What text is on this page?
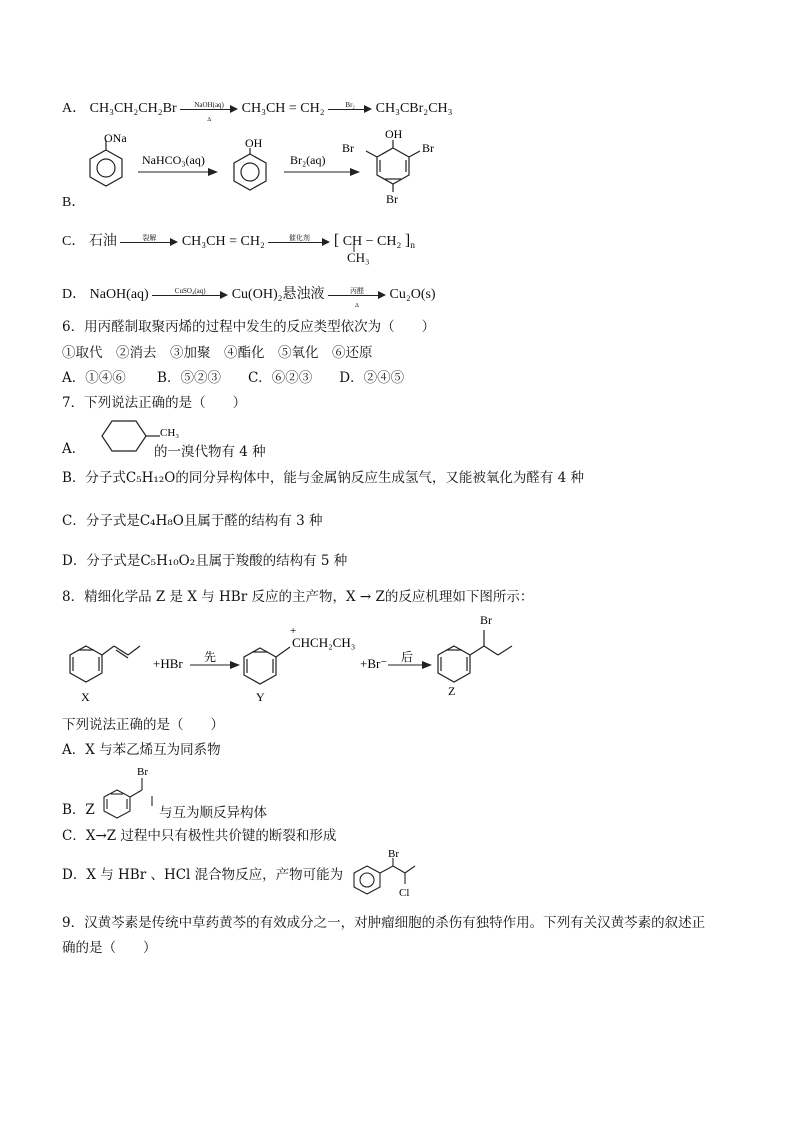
A． CH₃CH₂CH₂Br	NaOH(aq)
Δ
CH₃CH = CH₂	Br₂	CH₃CBr₂CH₃
ONa
NaHCO₃(aq)
OH
Br₂(aq)
OH
Br	Br
Br
B．
C． 石油	裂解	CH₃CH = CH₂	催化剂	[ CH − CH₂ ]$_n$
CH₃
D． NaOH(aq)	CuSO₄(aq)	Cu(OH)₂悬浊液	丙醛
Δ
Cu₂O(s)
6．用丙醛制取聚丙烯的过程中发生的反应类型依次为（　　）
①取代　②消去　③加聚　④酯化　⑤氧化　⑥还原
A．①④⑥　　 B．⑤②③　　C．⑥②③　　D．②④⑤
7．下列说法正确的是（　　）
CH₃
A．	的一溴代物有 4 种
B．分子式C₅H₁₂O的同分异构体中，能与金属钠反应生成氢气，又能被氧化为醛有 4 种
C．分子式是C₄H₈O且属于醛的结构有 3 种
D．分子式是C₅H₁₀O₂且属于羧酸的结构有 5 种
8．精细化学品 Z 是 X 与 HBr 反应的主产物，X → Z的反应机理如下图所示：
X
+HBr 先
+
CHCH₂CH₃
Y
+Br⁻ 后
Br
Z
下列说法正确的是（　　）
A．X 与苯乙烯互为同系物
Br
B．Z	与互为顺反异构体
C．X→Z 过程中只有极性共价键的断裂和形成
D．X 与 HBr 、HCl 混合物反应，产物可能为
Br
Cl
9．汉黄芩素是传统中草药黄芩的有效成分之一，对肿瘤细胞的杀伤有独特作用。下列有关汉黄芩素的叙述正
确的是（　　）
